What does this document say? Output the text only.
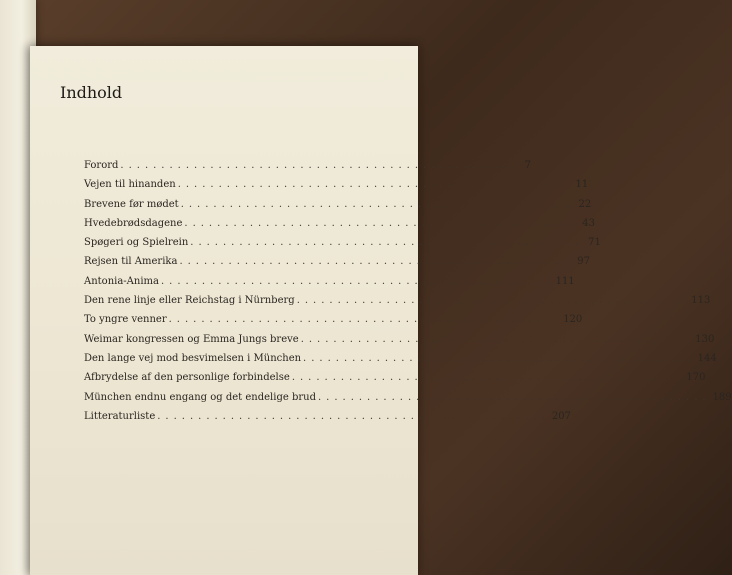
Indhold
Forord ................................................	7
Vejen til hinanden ................................................ 11
Brevene før mødet ................................................ 22
Hvedebrødsdagene ................................................ 43
Spøgeri og Spielrein ................................................ 71
Rejsen til Amerika ................................................ 97
Antonia-Anima ................................................ 111
Den rene linje eller Reichstag i Nürnberg ................................................ 113
To yngre venner ................................................ 120
Weimar kongressen og Emma Jungs breve ................................................ 130
Den lange vej mod besvimelsen i München ................................................ 144
Afbrydelse af den personlige forbindelse ................................................ 170
München endnu engang og det endelige brud ................................................ 189
Litteraturliste ................................................ 207
